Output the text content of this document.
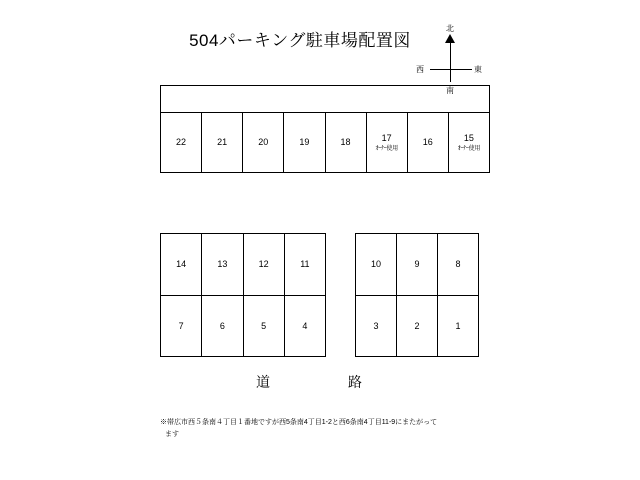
504パーキング駐車場配置図
北
西	東
南
22	21	20	19	18	17
ｵｰﾅｰ使用
16	15
ｵｰﾅｰ使用
14	13	12	11
7	6	5	4
10	9	8
3	2	1
道	路
※帯広市西５条南４丁目１番地ですが西5条南4丁目1-2と西6条南4丁目11-9にまたがって
ます
